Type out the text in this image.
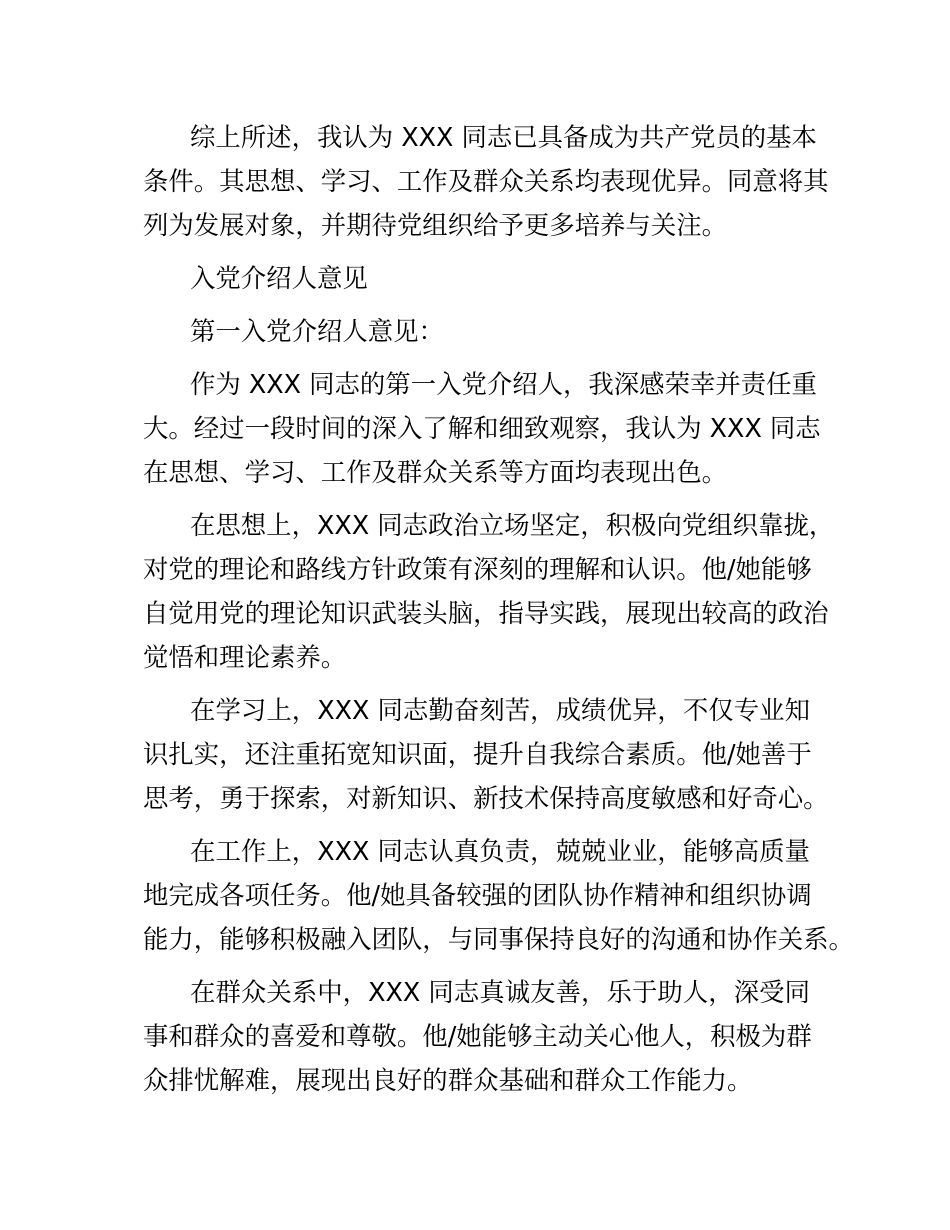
综上所述，我认为 XXX 同志已具备成为共产党员的基本
条件。其思想、学习、工作及群众关系均表现优异。同意将其
列为发展对象，并期待党组织给予更多培养与关注。
入党介绍人意见
第一入党介绍人意见：
作为 XXX 同志的第一入党介绍人，我深感荣幸并责任重
大。经过一段时间的深入了解和细致观察，我认为 XXX 同志
在思想、学习、工作及群众关系等方面均表现出色。
在思想上，XXX 同志政治立场坚定，积极向党组织靠拢，
对党的理论和路线方针政策有深刻的理解和认识。他/她能够
自觉用党的理论知识武装头脑，指导实践，展现出较高的政治
觉悟和理论素养。
在学习上，XXX 同志勤奋刻苦，成绩优异，不仅专业知
识扎实，还注重拓宽知识面，提升自我综合素质。他/她善于
思考，勇于探索，对新知识、新技术保持高度敏感和好奇心。
在工作上，XXX 同志认真负责，兢兢业业，能够高质量
地完成各项任务。他/她具备较强的团队协作精神和组织协调
能力，能够积极融入团队，与同事保持良好的沟通和协作关系。
在群众关系中，XXX 同志真诚友善，乐于助人，深受同
事和群众的喜爱和尊敬。他/她能够主动关心他人，积极为群
众排忧解难，展现出良好的群众基础和群众工作能力。
